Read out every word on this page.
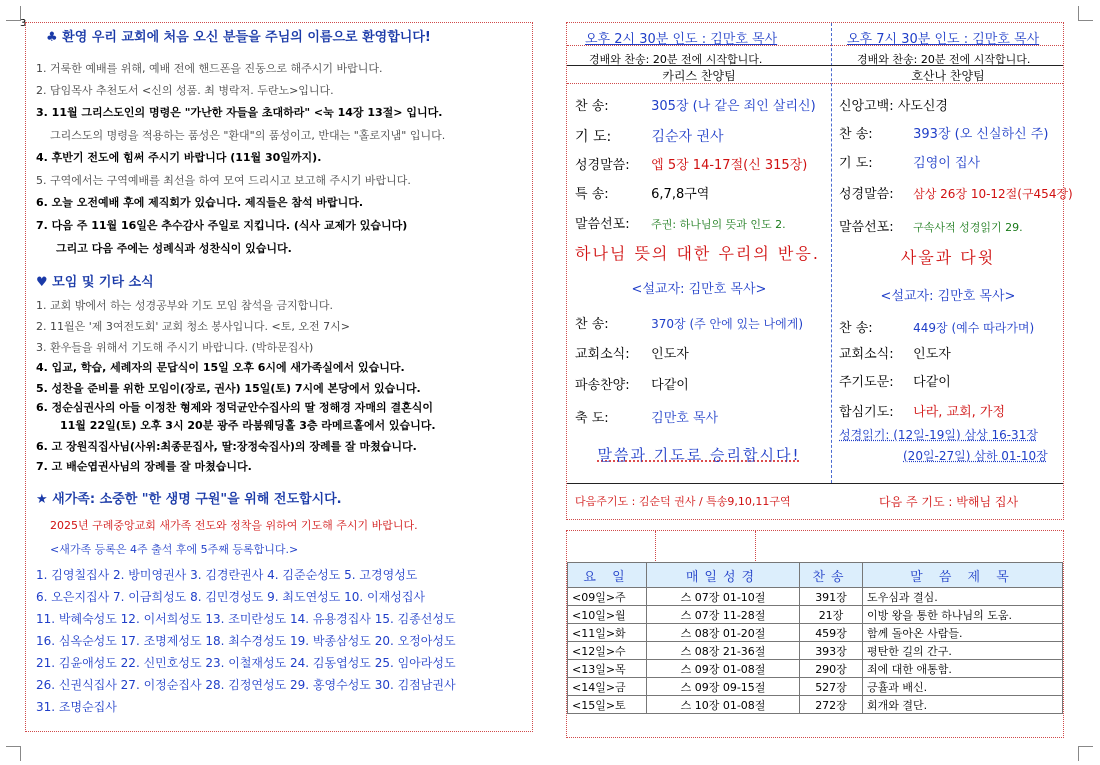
3
♣ 환영 우리 교회에 처음 오신 분들을 주님의 이름으로 환영합니다!
1. 거룩한 예배를 위해, 예배 전에 핸드폰을 진동으로 해주시기 바랍니다.
2. 담임목사 추천도서 <신의 성품. 최 병락저. 두란노>입니다.
3. 11월 그리스도인의 명령은 "가난한 자들을 초대하라" <눅 14장 13절> 입니다.
그리스도의 명령을 적용하는 품성은 "환대"의 품성이고, 반대는 "홀로지냄" 입니다.
4. 후반기 전도에 힘써 주시기 바랍니다 (11월 30일까지).
5. 구역에서는 구역예배를 최선을 하여 모여 드리시고 보고해 주시기 바랍니다.
6. 오늘 오전예배 후에 제직회가 있습니다. 제직들은 참석 바랍니다.
7. 다음 주 11월 16일은 추수감사 주일로 지킵니다. (식사 교제가 있습니다)
그리고 다음 주에는 성례식과 성찬식이 있습니다.
♥ 모임 및 기타 소식
1. 교회 밖에서 하는 성경공부와 기도 모임 참석을 금지합니다.
2. 11월은 '제 3여전도회' 교회 청소 봉사입니다. <토, 오전 7시>
3. 환우들을 위해서 기도해 주시기 바랍니다. (박하문집사)
4. 입교, 학습, 세례자의 문답식이 15일 오후 6시에 새가족실에서 있습니다.
5. 성찬을 준비를 위한 모임이(장로, 권사) 15일(토) 7시에 본당에서 있습니다.
6. 정순심권사의 아들 이정찬 형제와 정덕균안수집사의 딸 정해경 자매의 결혼식이
11월 22일(토) 오후 3시 20분 광주 라붐웨딩홀 3층 라메르홀에서 있습니다.
6. 고 장원직집사님(사위:최종문집사, 딸:장정숙집사)의 장례를 잘 마쳤습니다.
7. 고 배순엽권사님의 장례를 잘 마쳤습니다.
★ 새가족: 소중한 "한 생명 구원"을 위해 전도합시다.
2025년 구례중앙교회 새가족 전도와 정착을 위하여 기도해 주시기 바랍니다.
<새가족 등록은 4주 출석 후에 5주째 등록합니다.>
1. 김영칠집사 2. 방미영권사 3. 김경란권사 4. 김준순성도 5. 고경영성도
6. 오은지집사 7. 이금희성도 8. 김민경성도 9. 최도연성도 10. 이재성집사
11. 박혜숙성도 12. 이서희성도 13. 조미란성도 14. 유용경집사 15. 김종선성도
16. 심옥순성도 17. 조명제성도 18. 최수경성도 19. 박종삼성도 20. 오정아성도
21. 김윤애성도 22. 신민호성도 23. 이철재성도 24. 김동엽성도 25. 임아라성도
26. 신권식집사 27. 이정순집사 28. 김정연성도 29. 홍영수성도 30. 김점남권사
31. 조명순집사
오후 2시 30분 인도 : 김만호 목사
경배와 찬송: 20분 전에 시작합니다.
카리스 찬양팀
찬 송:	305장 (나 같은 죄인 살리신)
기 도:	김순자 권사
성경말씀: 엡 5장 14-17절(신 315장)
특 송:	6,7,8구역
말씀선포: 주권: 하나님의 뜻과 인도 2.
하나님 뜻의 대한 우리의 반응.
<설교자: 김만호 목사>
찬 송:	370장 (주 안에 있는 나에게)
교회소식: 인도자
파송찬양: 다같이
축 도:	김만호 목사
말씀과 기도로 승리합시다!
다음주기도 : 김순덕 권사 / 특송9,10,11구역
오후 7시 30분 인도 : 김만호 목사
경배와 찬송: 20분 전에 시작합니다.
호산나 찬양팀
신앙고백: 사도신경
찬 송:	393장 (오 신실하신 주)
기 도:	김영이 집사
성경말씀: 삼상 26장 10-12절(구454장)
말씀선포: 구속사적 성경읽기 29.
사울과 다윗
<설교자: 김만호 목사>
찬 송:	449장 (예수 따라가며)
교회소식: 인도자
주기도문: 다같이
합심기도: 나라, 교회, 가정
성경읽기: (12일-19일) 삼상 16-31장
(20일-27일) 삼하 01-10장
다음 주 기도 : 박해님 집사
요 일	매일성경	찬송	말 씀 제 목
<09일>주	스 07장 01-10절	391장	도우심과 결심.
<10일>월	스 07장 11-28절	21장	이방 왕을 통한 하나님의 도움.
<11일>화	스 08장 01-20절	459장	함께 돌아온 사람들.
<12일>수	스 08장 21-36절	393장	평탄한 길의 간구.
<13일>목	스 09장 01-08절	290장	죄에 대한 애통함.
<14일>금	스 09장 09-15절	527장	긍휼과 배신.
<15일>토	스 10장 01-08절	272장	회개와 결단.
